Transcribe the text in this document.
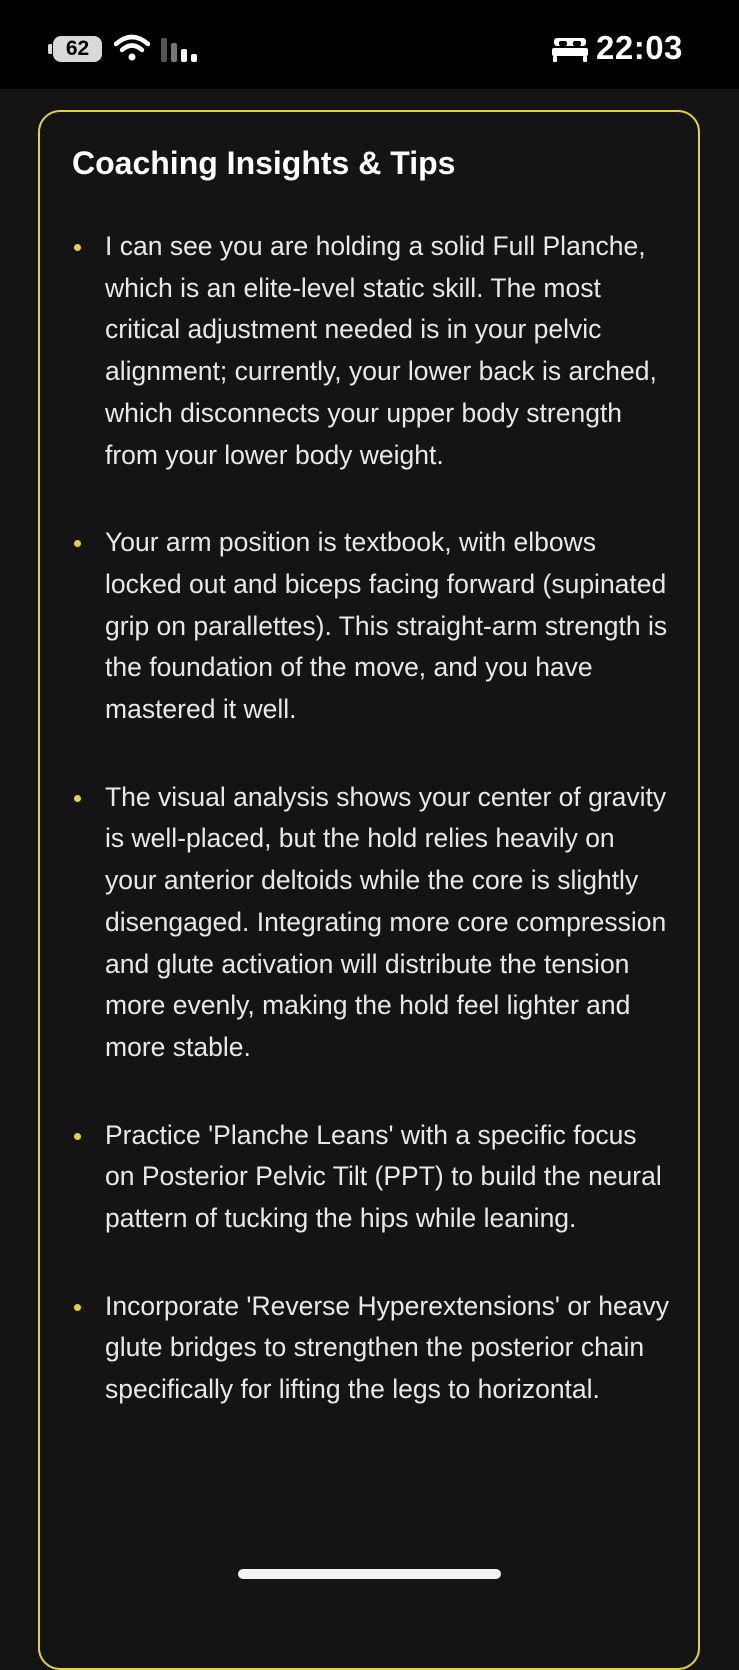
62	22:03
Coaching Insights & Tips
I can see you are holding a solid Full Planche, which is an elite-level static skill. The most critical adjustment needed is in your pelvic alignment; currently, your lower back is arched, which disconnects your upper body strength from your lower body weight.
Your arm position is textbook, with elbows locked out and biceps facing forward (supinated grip on parallettes). This straight-arm strength is the foundation of the move, and you have mastered it well.
The visual analysis shows your center of gravity is well-placed, but the hold relies heavily on your anterior deltoids while the core is slightly disengaged. Integrating more core compression and glute activation will distribute the tension more evenly, making the hold feel lighter and more stable.
Practice 'Planche Leans' with a specific focus on Posterior Pelvic Tilt (PPT) to build the neural pattern of tucking the hips while leaning.
Incorporate 'Reverse Hyperextensions' or heavy glute bridges to strengthen the posterior chain specifically for lifting the legs to horizontal.
